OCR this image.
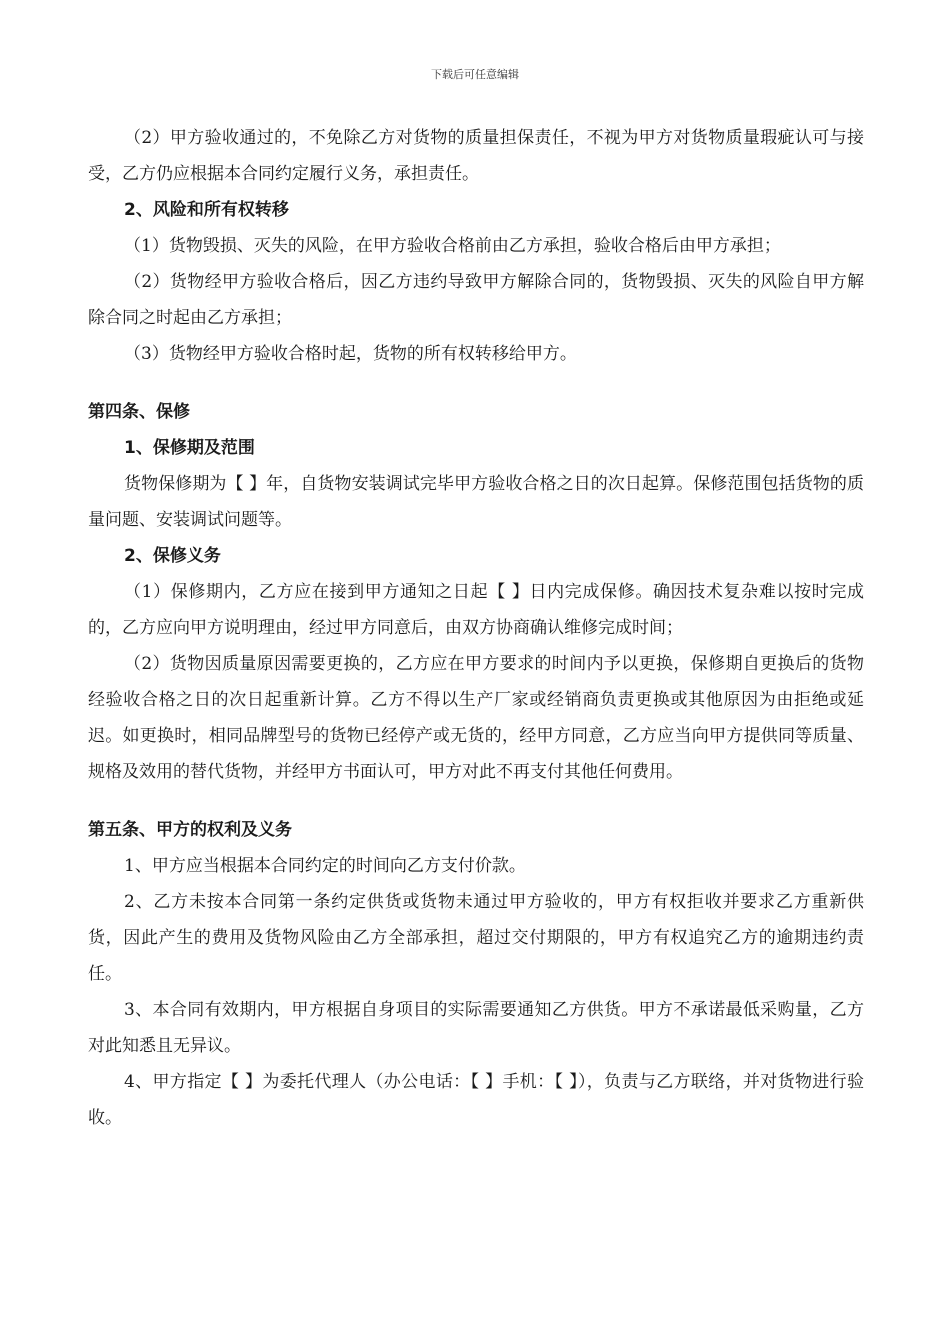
下载后可任意编辑

（2）甲方验收通过的，不免除乙方对货物的质量担保责任，不视为甲方对货物质量瑕疵认可与接受，乙方仍应根据本合同约定履行义务，承担责任。

2、风险和所有权转移

（1）货物毁损、灭失的风险，在甲方验收合格前由乙方承担，验收合格后由甲方承担；

（2）货物经甲方验收合格后，因乙方违约导致甲方解除合同的，货物毁损、灭失的风险自甲方解除合同之时起由乙方承担；

（3）货物经甲方验收合格时起，货物的所有权转移给甲方。

第四条、保修

1、保修期及范围

货物保修期为【 】年，自货物安装调试完毕甲方验收合格之日的次日起算。保修范围包括货物的质量问题、安装调试问题等。

2、保修义务

（1）保修期内，乙方应在接到甲方通知之日起【 】日内完成保修。确因技术复杂难以按时完成的，乙方应向甲方说明理由，经过甲方同意后，由双方协商确认维修完成时间；

（2）货物因质量原因需要更换的，乙方应在甲方要求的时间内予以更换，保修期自更换后的货物经验收合格之日的次日起重新计算。乙方不得以生产厂家或经销商负责更换或其他原因为由拒绝或延迟。如更换时，相同品牌型号的货物已经停产或无货的，经甲方同意，乙方应当向甲方提供同等质量、规格及效用的替代货物，并经甲方书面认可，甲方对此不再支付其他任何费用。

第五条、甲方的权利及义务

1、甲方应当根据本合同约定的时间向乙方支付价款。

2、乙方未按本合同第一条约定供货或货物未通过甲方验收的，甲方有权拒收并要求乙方重新供货，因此产生的费用及货物风险由乙方全部承担，超过交付期限的，甲方有权追究乙方的逾期违约责任。

3、本合同有效期内，甲方根据自身项目的实际需要通知乙方供货。甲方不承诺最低采购量，乙方对此知悉且无异议。

4、甲方指定【 】为委托代理人（办公电话：【 】手机：【 】），负责与乙方联络，并对货物进行验收。
